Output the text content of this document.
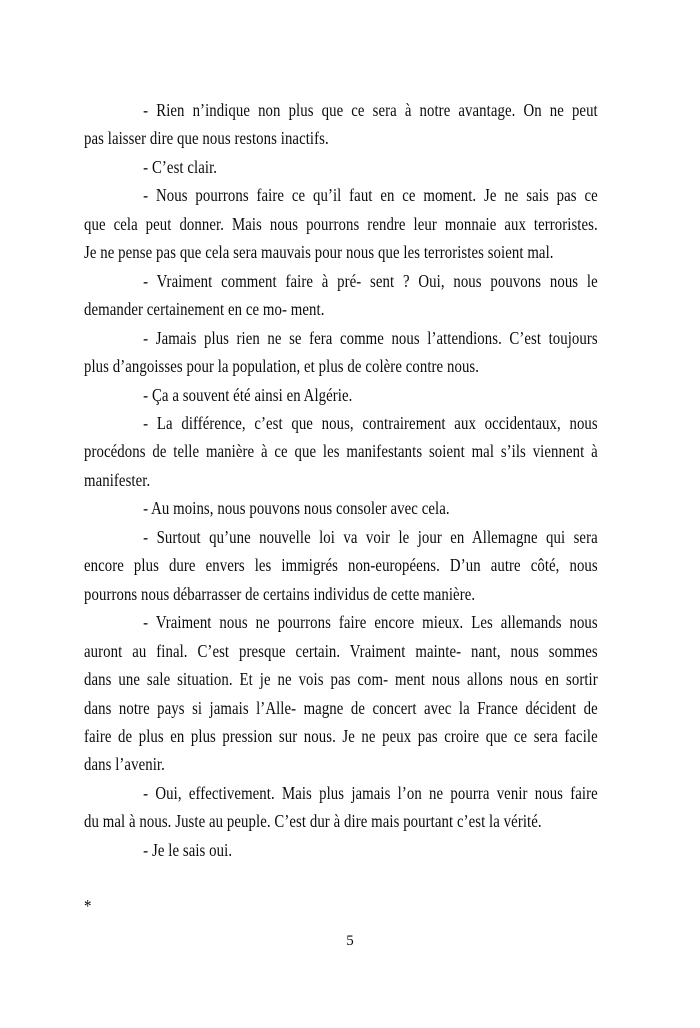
- Rien n’indique non plus que ce sera à notre avantage. On ne peut
pas laisser dire que nous restons inactifs.
- C’est clair.
- Nous pourrons faire ce qu’il faut en ce moment. Je ne sais pas ce
que cela peut donner. Mais nous pourrons rendre leur monnaie aux terroristes.
Je ne pense pas que cela sera mauvais pour nous que les terroristes soient mal.
- Vraiment comment faire à pré- sent ? Oui, nous pouvons nous le
demander certainement en ce mo- ment.
- Jamais plus rien ne se fera comme nous l’attendions. C’est toujours
plus d’angoisses pour la population, et plus de colère contre nous.
- Ça a souvent été ainsi en Algérie.
- La différence, c’est que nous, contrairement aux occidentaux, nous
procédons de telle manière à ce que les manifestants soient mal s’ils viennent à
manifester.
- Au moins, nous pouvons nous consoler avec cela.
- Surtout qu’une nouvelle loi va voir le jour en Allemagne qui sera
encore plus dure envers les immigrés non-européens. D’un autre côté, nous
pourrons nous débarrasser de certains individus de cette manière.
- Vraiment nous ne pourrons faire encore mieux. Les allemands nous
auront au final. C’est presque certain. Vraiment mainte- nant, nous sommes
dans une sale situation. Et je ne vois pas com- ment nous allons nous en sortir
dans notre pays si jamais l’Alle- magne de concert avec la France décident de
faire de plus en plus pression sur nous. Je ne peux pas croire que ce sera facile
dans l’avenir.
- Oui, effectivement. Mais plus jamais l’on ne pourra venir nous faire
du mal à nous. Juste au peuple. C’est dur à dire mais pourtant c’est la vérité.
- Je le sais oui.
*
5
